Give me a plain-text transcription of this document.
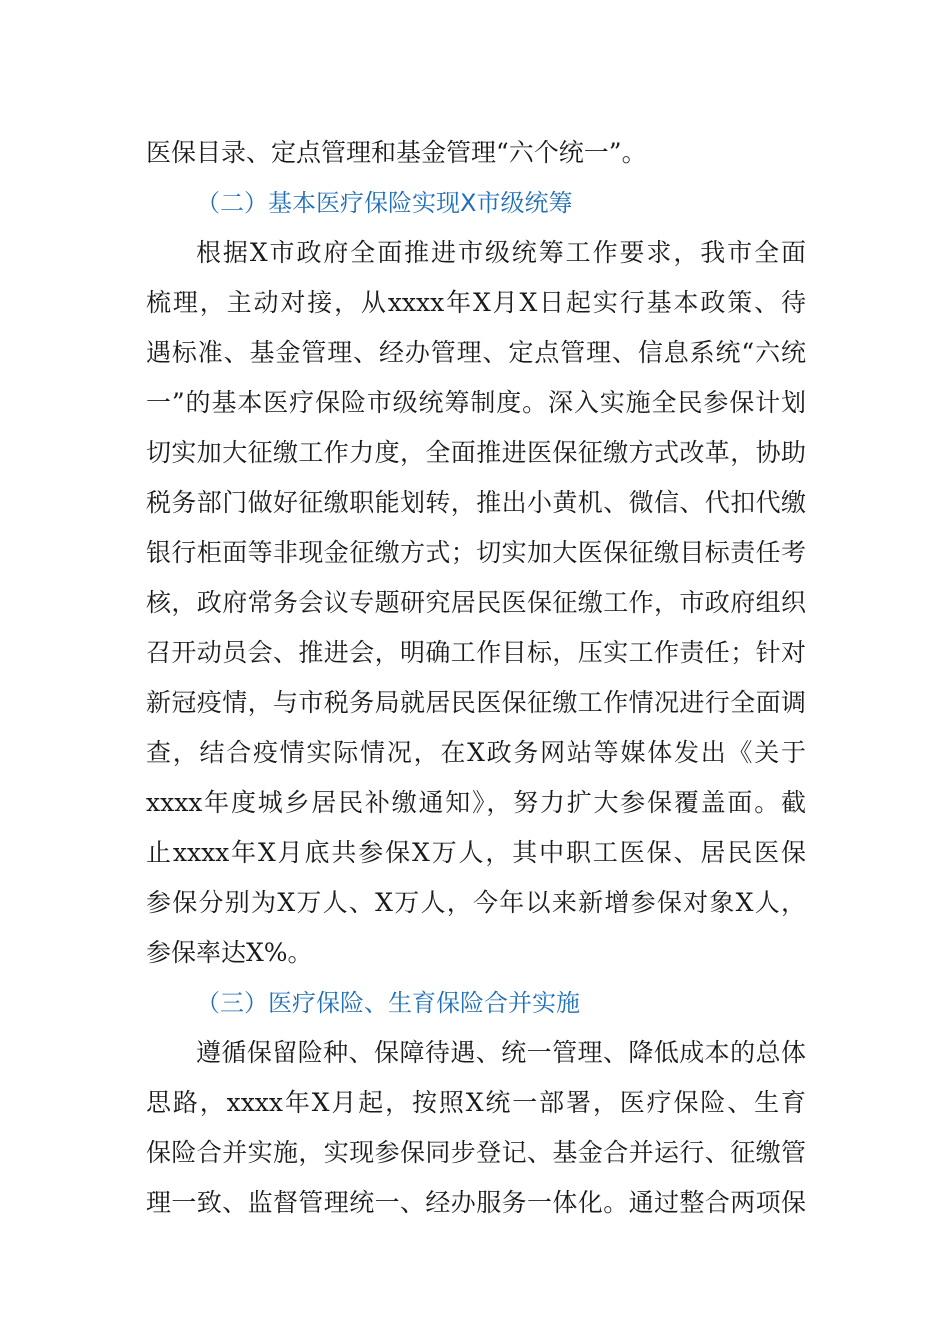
医保目录、定点管理和基金管理“六个统一”。
（二）基本医疗保险实现X市级统筹
根据X市政府全面推进市级统筹工作要求，我市全面
梳理，主动对接，从xxxx年X月X日起实行基本政策、待
遇标准、基金管理、经办管理、定点管理、信息系统“六统
一”的基本医疗保险市级统筹制度。深入实施全民参保计划
切实加大征缴工作力度，全面推进医保征缴方式改革，协助
税务部门做好征缴职能划转，推出小黄机、微信、代扣代缴
银行柜面等非现金征缴方式；切实加大医保征缴目标责任考
核，政府常务会议专题研究居民医保征缴工作，市政府组织
召开动员会、推进会，明确工作目标，压实工作责任；针对
新冠疫情，与市税务局就居民医保征缴工作情况进行全面调
查，结合疫情实际情况，在X政务网站等媒体发出《关于
xxxx年度城乡居民补缴通知》，努力扩大参保覆盖面。截
止xxxx年X月底共参保X万人，其中职工医保、居民医保
参保分别为X万人、X万人，今年以来新增参保对象X人，
参保率达X%。
（三）医疗保险、生育保险合并实施
遵循保留险种、保障待遇、统一管理、降低成本的总体
思路，xxxx年X月起，按照X统一部署，医疗保险、生育
保险合并实施，实现参保同步登记、基金合并运行、征缴管
理一致、监督管理统一、经办服务一体化。通过整合两项保
